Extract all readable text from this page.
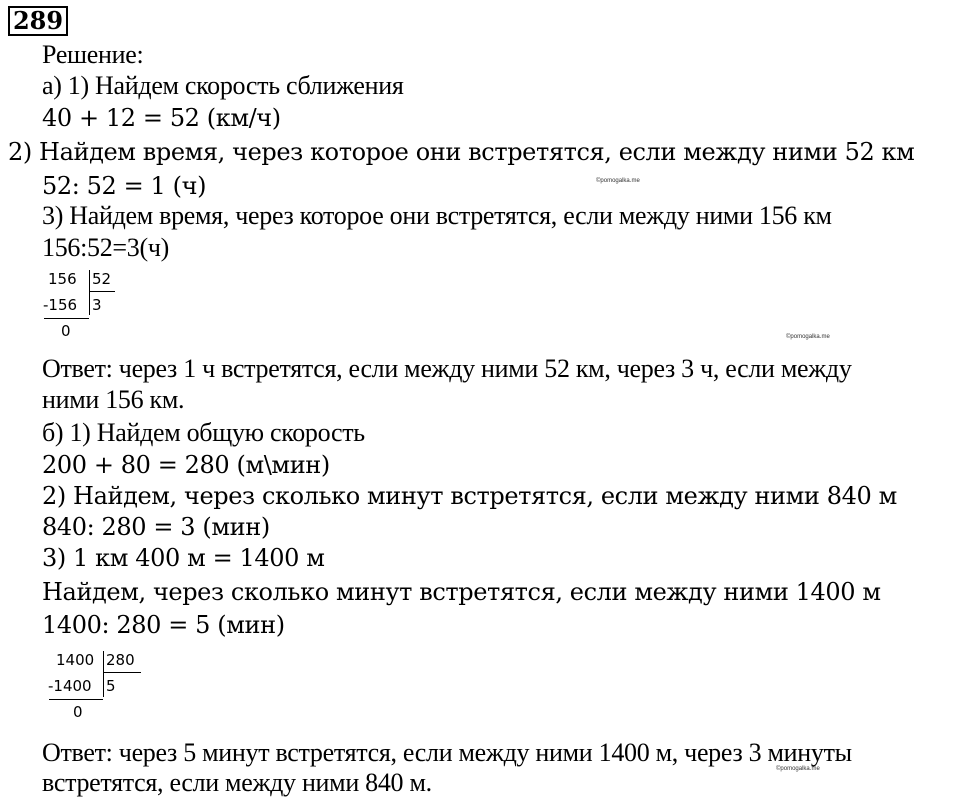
289
Решение:
а) 1) Найдем скорость сближения
40 + 12 = 52 (км/ч)
2) Найдем время, через которое они встретятся, если между ними 52 км
52: 52 = 1 (ч)	©pomogalka.me
3) Найдем время, через которое они встретятся, если между ними 156 км
156:52=3(ч)
156 52
-156 3
0	©pomogalka.me
Ответ: через 1 ч встретятся, если между ними 52 км, через 3 ч, если между
ними 156 км.
б) 1) Найдем общую скорость
200 + 80 = 280 (м\мин)
2) Найдем, через сколько минут встретятся, если между ними 840 м
840: 280 = 3 (мин)
3) 1 км 400 м = 1400 м
Найдем, через сколько минут встретятся, если между ними 1400 м
1400: 280 = 5 (мин)
1400 280
-1400 5
0
Ответ: через 5 минут встретятся, если между ними 1400 м, через 3 минуты
©pomogalka.me
встретятся, если между ними 840 м.
